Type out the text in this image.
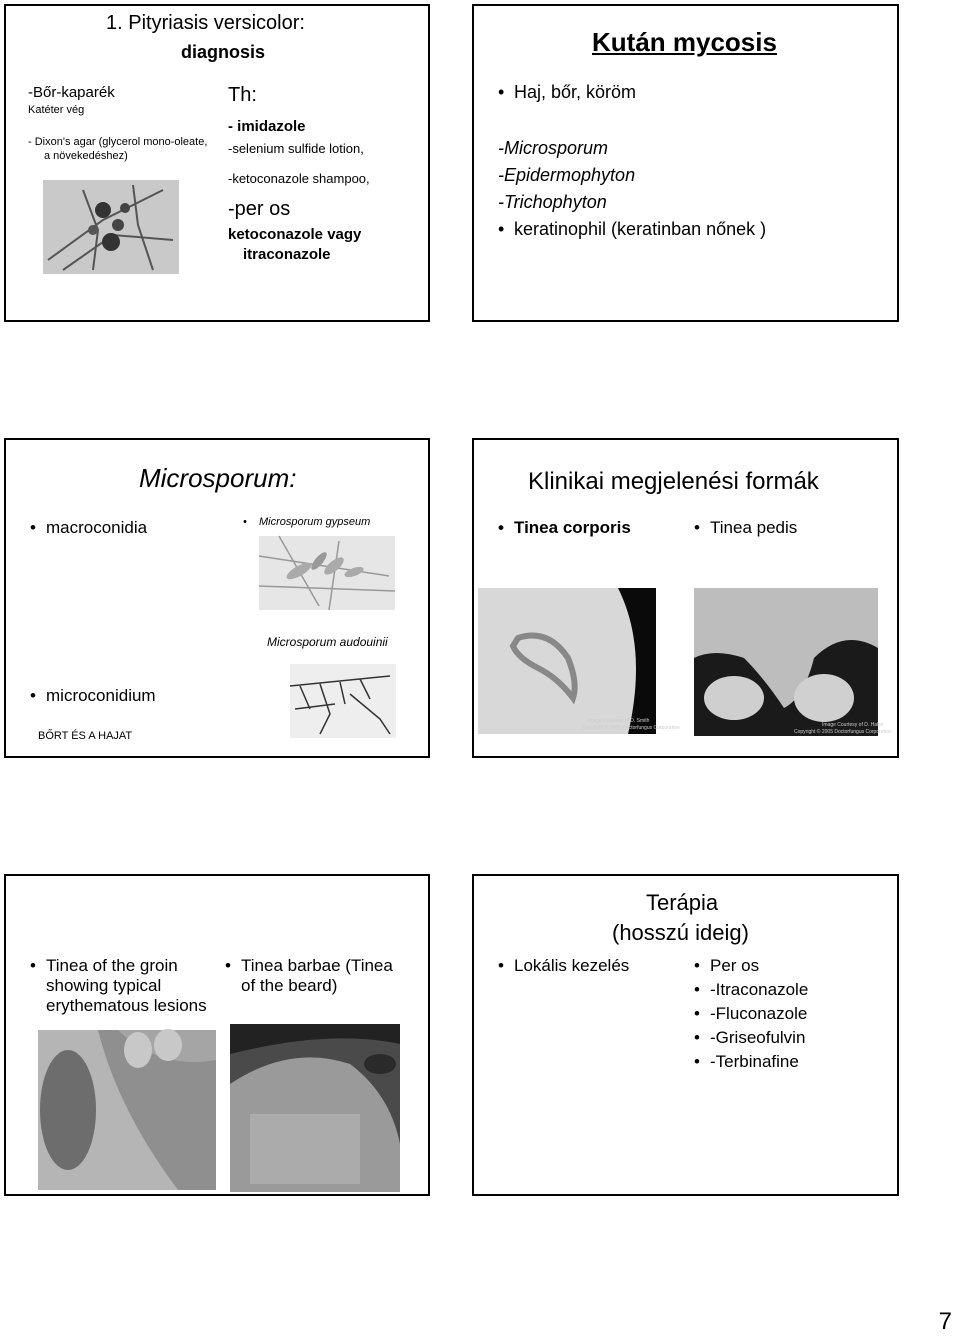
1. Pityriasis versicolor:
diagnosis
-Bőr-kaparék
Katéter vég
- Dixon's agar (glycerol mono-oleate,
a növekedéshez)
Th:
- imidazole
-selenium sulfide lotion,
-ketoconazole shampoo,
-per os
ketoconazole vagy
itraconazole
Kután mycosis
• Haj, bőr, köröm
-Microsporum
-Epidermophyton
-Trichophyton
• keratinophil (keratinban nőnek )
Microsporum:
• macroconidia	• Microsporum gypseum
Microsporum audouinii
• microconidium
BŐRT ÉS A HAJAT
Klinikai megjelenési formák
• Tinea corporis	• Tinea pedis
Image Courtesy of D. Smith
Copyright © 2005 Doctorfungus Corporation	Image Courtesy of D. Haller
Copyright © 2005 Doctorfungus Corporation
• Tinea of the groin
showing typical
erythematous lesions
• Tinea barbae (Tinea
of the beard)
Terápia
(hosszú ideig)
• Lokális kezelés	• Per os
• -Itraconazole
• -Fluconazole
• -Griseofulvin
• -Terbinafine
7
